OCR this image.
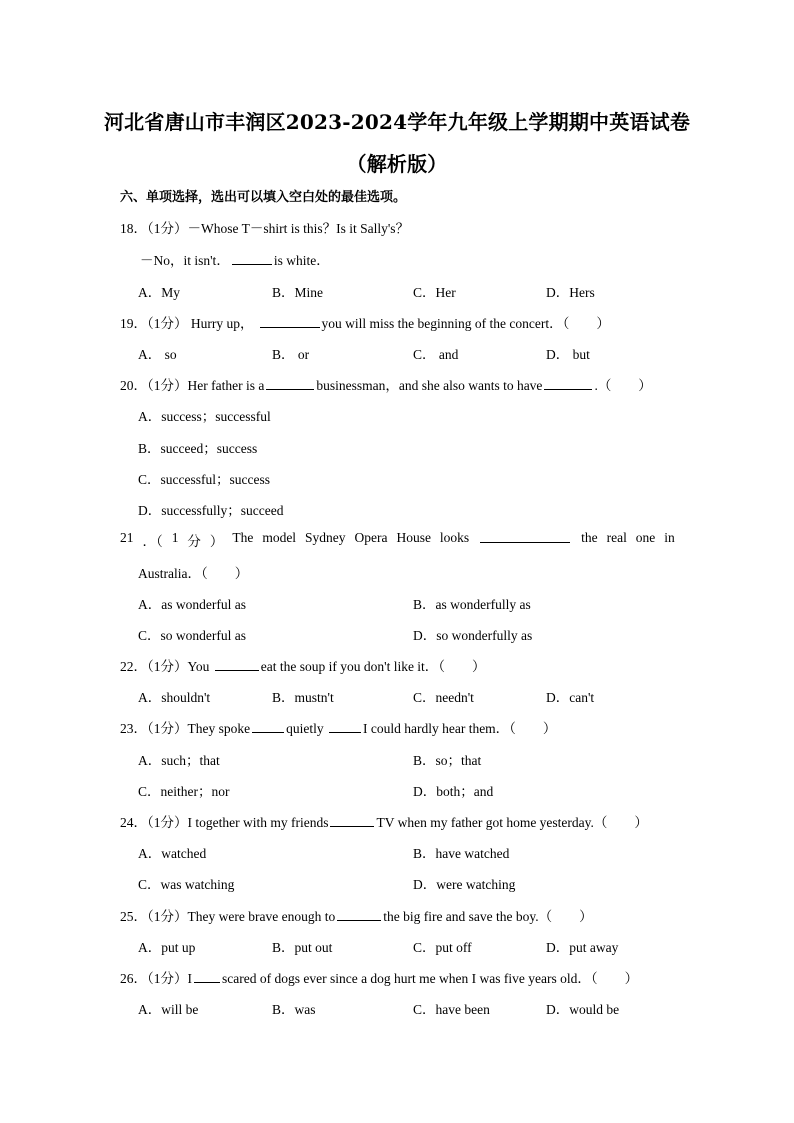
河北省唐山市丰润区2023-2024学年九年级上学期期中英语试卷
（解析版）
六、单项选择，选出可以填入空白处的最佳选项。
18．（1分）－Whose T－shirt is this？Is it Sally's？
－No，it isn't．	is white．
A．My	B．Mine	C．Her	D．Hers
19．（1分） Hurry up，	you will miss the beginning of the concert．（　　）
A． so	B． or	C． and	D． but
20．（1分）Her father is a	businessman，and she also wants to have	.（　　）
A．success；successful
B．succeed；success
C．successful；success
D．successfully；succeed
21 ．（ 1 分 ） The model Sydney Opera House looks	the real one in
Australia．（　　）
A．as wonderful as	B．as wonderfully as
C．so wonderful as	D．so wonderfully as
22．（1分）You	eat the soup if you don't like it．（　　）
A．shouldn't	B．mustn't	C．needn't	D．can't
23．（1分）They spoke	quietly	I could hardly hear them．（　　）
A．such；that	B．so；that
C．neither；nor	D．both；and
24．（1分）I together with my friends	TV when my father got home yesterday.（　　）
A．watched	B．have watched
C．was watching	D．were watching
25．（1分）They were brave enough to	the big fire and save the boy.（　　）
A．put up	B．put out	C．put off	D．put away
26．（1分）I scared of dogs ever since a dog hurt me when I was five years old．（　　）
A．will be	B．was	C．have been	D．would be
